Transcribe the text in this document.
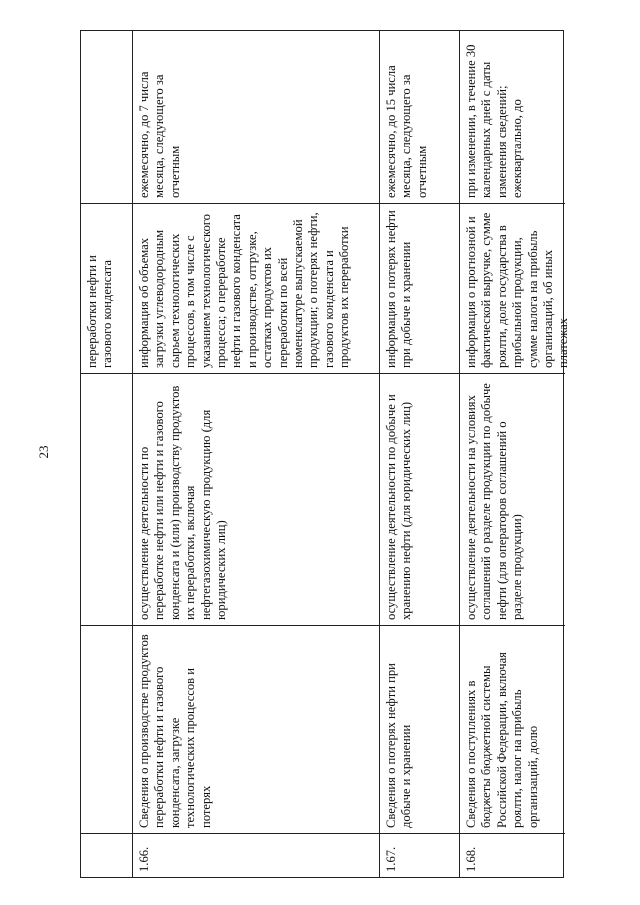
23
переработки нефти и газового конденсата
1.66.
Сведения о производстве продуктов переработки нефти и газового конденсата, загрузке технологических процессов и потерях
осуществление деятельности по переработке нефти или нефти и газового конденсата и (или) производству продуктов их переработки, включая нефтегазохимическую продукцию (для юридических лиц)
информация об объемах загрузки углеводородным сырьем технологических процессов, в том числе с указанием технологического процесса; о переработке нефти и газового конденсата и производстве, отгрузке, остатках продуктов их переработки по всей номенклатуре выпускаемой продукции; о потерях нефти, газового конденсата и продуктов их переработки
ежемесячно, до 7 числа месяца, следующего за отчетным
1.67.
Сведения о потерях нефти при добыче и хранении
осуществление деятельности по добыче и хранению нефти (для юридических лиц)
информация о потерях нефти при добыче и хранении
ежемесячно, до 15 числа месяца, следующего за отчетным
1.68.
Сведения о поступлениях в бюджеты бюджетной системы Российской Федерации, включая роялти, налог на прибыль организаций, долю
осуществление деятельности на условиях соглашений о разделе продукции по добыче нефти (для операторов соглашений о разделе продукции)
информация о прогнозной и фактической выручке, сумме роялти, доле государства в прибыльной продукции, сумме налога на прибыль организаций, об иных платежах
при изменении, в течение 30 календарных дней с даты изменения сведений; ежеквартально, до
